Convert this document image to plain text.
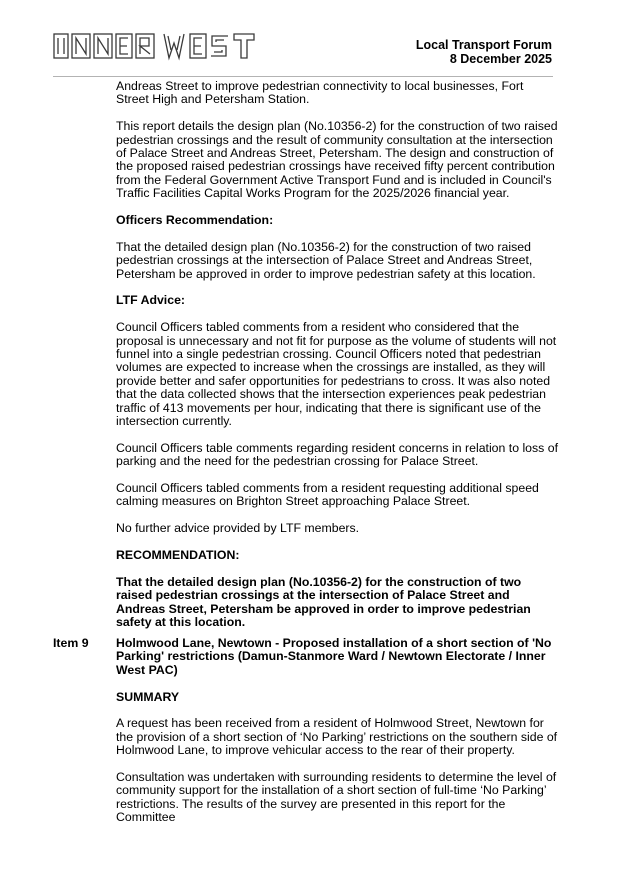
Local Transport Forum
8 December 2025

Andreas Street to improve pedestrian connectivity to local businesses, Fort Street High and Petersham Station.

This report details the design plan (No.10356-2) for the construction of two raised pedestrian crossings and the result of community consultation at the intersection of Palace Street and Andreas Street, Petersham. The design and construction of the proposed raised pedestrian crossings have received fifty percent contribution from the Federal Government Active Transport Fund and is included in Council's Traffic Facilities Capital Works Program for the 2025/2026 financial year.

Officers Recommendation:

That the detailed design plan (No.10356-2) for the construction of two raised pedestrian crossings at the intersection of Palace Street and Andreas Street, Petersham be approved in order to improve pedestrian safety at this location.

LTF Advice:

Council Officers tabled comments from a resident who considered that the proposal is unnecessary and not fit for purpose as the volume of students will not funnel into a single pedestrian crossing. Council Officers noted that pedestrian volumes are expected to increase when the crossings are installed, as they will provide better and safer opportunities for pedestrians to cross. It was also noted that the data collected shows that the intersection experiences peak pedestrian traffic of 413 movements per hour, indicating that there is significant use of the intersection currently.

Council Officers table comments regarding resident concerns in relation to loss of parking and the need for the pedestrian crossing for Palace Street.

Council Officers tabled comments from a resident requesting additional speed calming measures on Brighton Street approaching Palace Street.

No further advice provided by LTF members.

RECOMMENDATION:

That the detailed design plan (No.10356-2) for the construction of two raised pedestrian crossings at the intersection of Palace Street and Andreas Street, Petersham be approved in order to improve pedestrian safety at this location.

Item 9 Holmwood Lane, Newtown - Proposed installation of a short section of 'No Parking' restrictions (Damun-Stanmore Ward / Newtown Electorate / Inner West PAC)

SUMMARY

A request has been received from a resident of Holmwood Street, Newtown for the provision of a short section of ‘No Parking’ restrictions on the southern side of Holmwood Lane, to improve vehicular access to the rear of their property.

Consultation was undertaken with surrounding residents to determine the level of community support for the installation of a short section of full-time ‘No Parking’ restrictions. The results of the survey are presented in this report for the Committee
